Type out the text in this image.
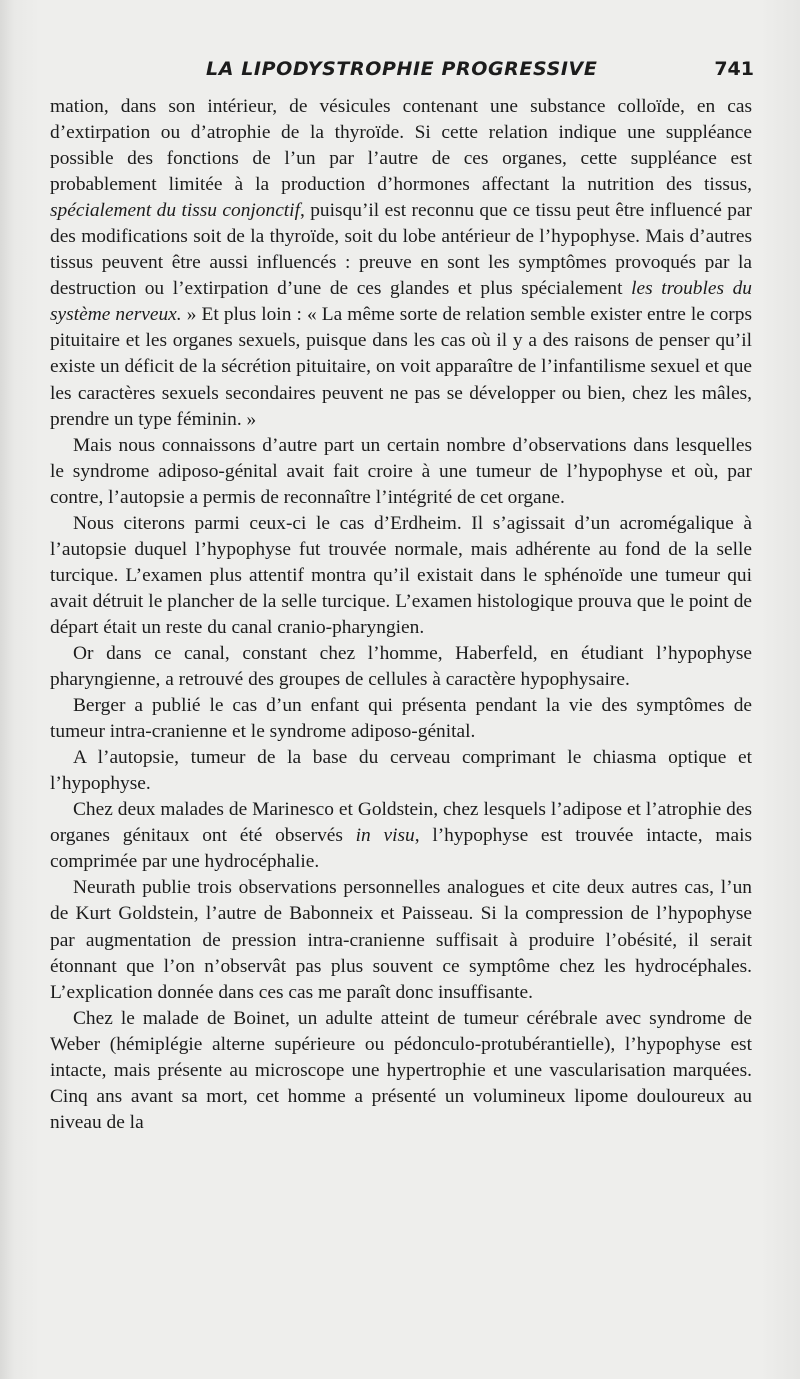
LA LIPODYSTROPHIE PROGRESSIVE	741

mation, dans son intérieur, de vésicules contenant une substance colloïde, en cas d’extirpation ou d’atrophie de la thyroïde. Si cette relation indique une suppléance possible des fonctions de l’un par l’autre de ces organes, cette suppléance est probablement limitée à la production d’hormones affectant la nutrition des tissus, spécialement du tissu conjonctif, puisqu’il est reconnu que ce tissu peut être influencé par des modifications soit de la thyroïde, soit du lobe antérieur de l’hypophyse. Mais d’autres tissus peuvent être aussi influencés : preuve en sont les symptômes provoqués par la destruction ou l’extirpation d’une de ces glandes et plus spécialement les troubles du système nerveux. » Et plus loin : « La même sorte de relation semble exister entre le corps pituitaire et les organes sexuels, puisque dans les cas où il y a des raisons de penser qu’il existe un déficit de la sécrétion pituitaire, on voit apparaître de l’infantilisme sexuel et que les caractères sexuels secondaires peuvent ne pas se développer ou bien, chez les mâles, prendre un type féminin. »

Mais nous connaissons d’autre part un certain nombre d’observations dans lesquelles le syndrome adiposo-génital avait fait croire à une tumeur de l’hypophyse et où, par contre, l’autopsie a permis de reconnaître l’intégrité de cet organe.

Nous citerons parmi ceux-ci le cas d’Erdheim. Il s’agissait d’un acromégalique à l’autopsie duquel l’hypophyse fut trouvée normale, mais adhérente au fond de la selle turcique. L’examen plus attentif montra qu’il existait dans le sphénoïde une tumeur qui avait détruit le plancher de la selle turcique. L’examen histologique prouva que le point de départ était un reste du canal cranio-pharyngien.

Or dans ce canal, constant chez l’homme, Haberfeld, en étudiant l’hypophyse pharyngienne, a retrouvé des groupes de cellules à caractère hypophysaire.

Berger a publié le cas d’un enfant qui présenta pendant la vie des symptômes de tumeur intra-cranienne et le syndrome adiposo-génital.

A l’autopsie, tumeur de la base du cerveau comprimant le chiasma optique et l’hypophyse.

Chez deux malades de Marinesco et Goldstein, chez lesquels l’adipose et l’atrophie des organes génitaux ont été observés in visu, l’hypophyse est trouvée intacte, mais comprimée par une hydrocéphalie.

Neurath publie trois observations personnelles analogues et cite deux autres cas, l’un de Kurt Goldstein, l’autre de Babonneix et Paisseau. Si la compression de l’hypophyse par augmentation de pression intra-cranienne suffisait à produire l’obésité, il serait étonnant que l’on n’observât pas plus souvent ce symptôme chez les hydrocéphales. L’explication donnée dans ces cas me paraît donc insuffisante.

Chez le malade de Boinet, un adulte atteint de tumeur cérébrale avec syndrome de Weber (hémiplégie alterne supérieure ou pédonculo-protubérantielle), l’hypophyse est intacte, mais présente au microscope une hypertrophie et une vascularisation marquées. Cinq ans avant sa mort, cet homme a présenté un volumineux lipome douloureux au niveau de la
